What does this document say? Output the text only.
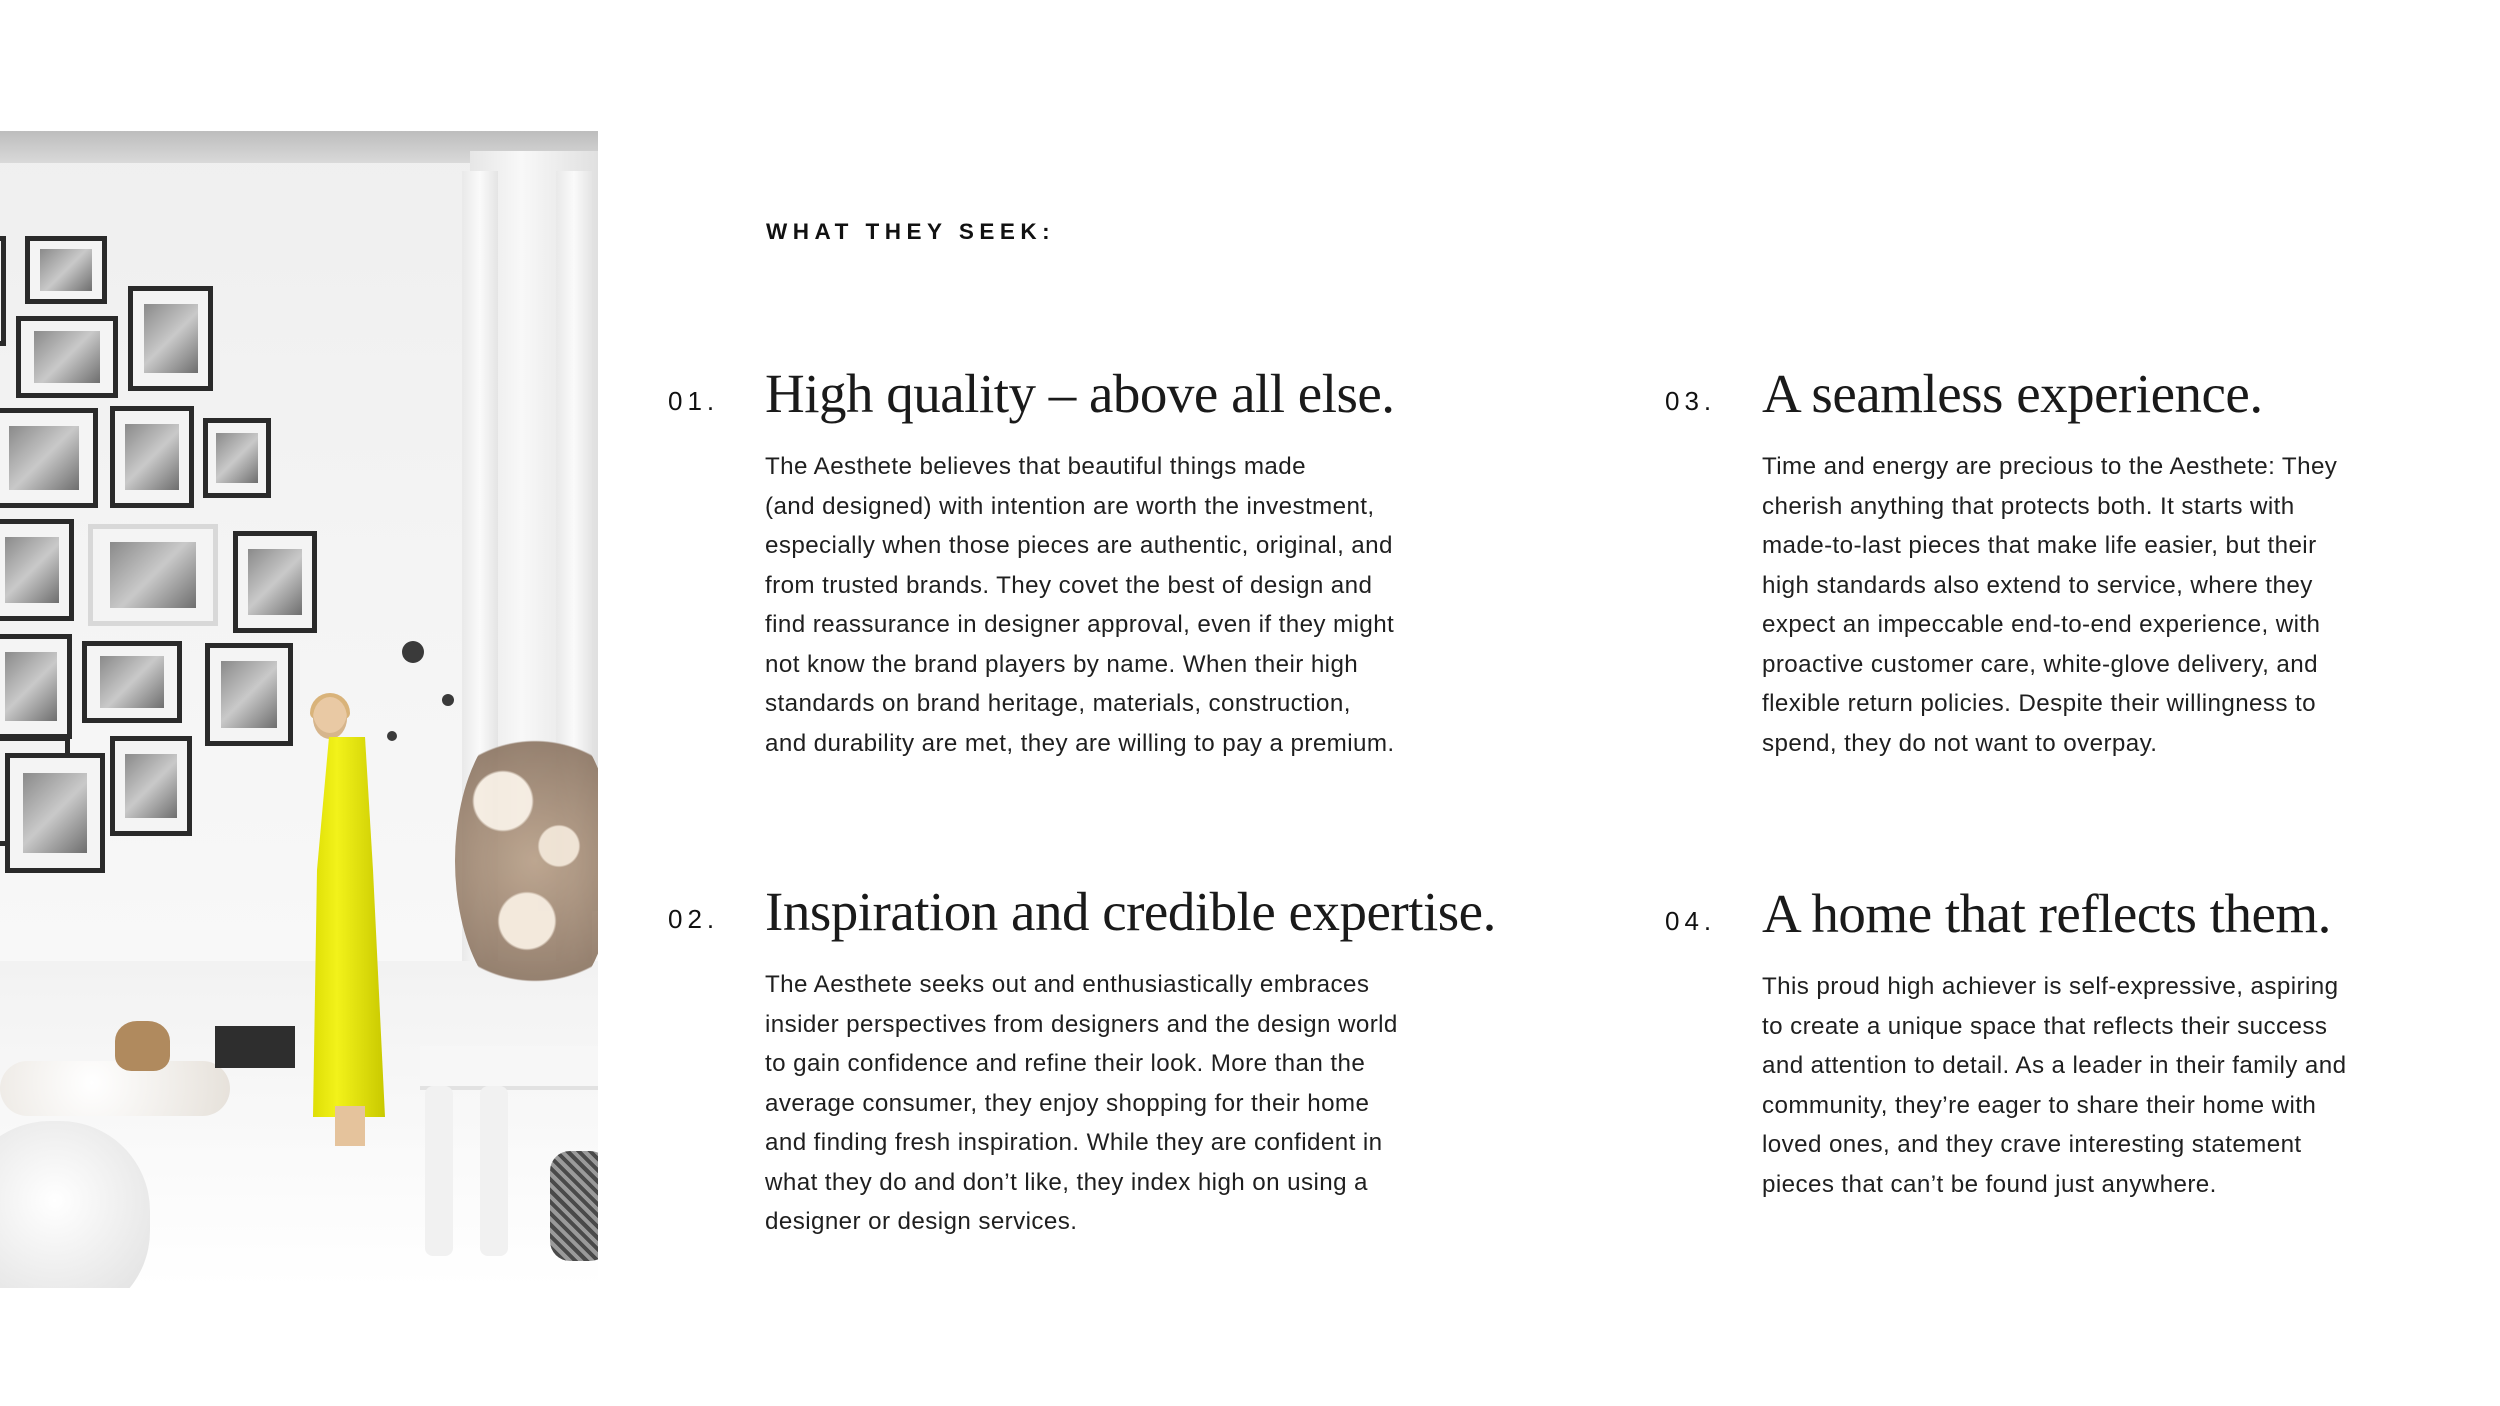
WHAT THEY SEEK:
01. High quality – above all else.

The Aesthete believes that beautiful things made
(and designed) with intention are worth the investment,
especially when those pieces are authentic, original, and
from trusted brands. They covet the best of design and
find reassurance in designer approval, even if they might
not know the brand players by name. When their high
standards on brand heritage, materials, construction,
and durability are met, they are willing to pay a premium.

02. Inspiration and credible expertise.

The Aesthete seeks out and enthusiastically embraces
insider perspectives from designers and the design world
to gain confidence and refine their look. More than the
average consumer, they enjoy shopping for their home
and finding fresh inspiration. While they are confident in
what they do and don’t like, they index high on using a
designer or design services.

03. A seamless experience.

Time and energy are precious to the Aesthete: They
cherish anything that protects both. It starts with
made-to-last pieces that make life easier, but their
high standards also extend to service, where they
expect an impeccable end-to-end experience, with
proactive customer care, white-glove delivery, and
flexible return policies. Despite their willingness to
spend, they do not want to overpay.

04. A home that reflects them.

This proud high achiever is self-expressive, aspiring
to create a unique space that reflects their success
and attention to detail. As a leader in their family and
community, they’re eager to share their home with
loved ones, and they crave interesting statement
pieces that can’t be found just anywhere.
